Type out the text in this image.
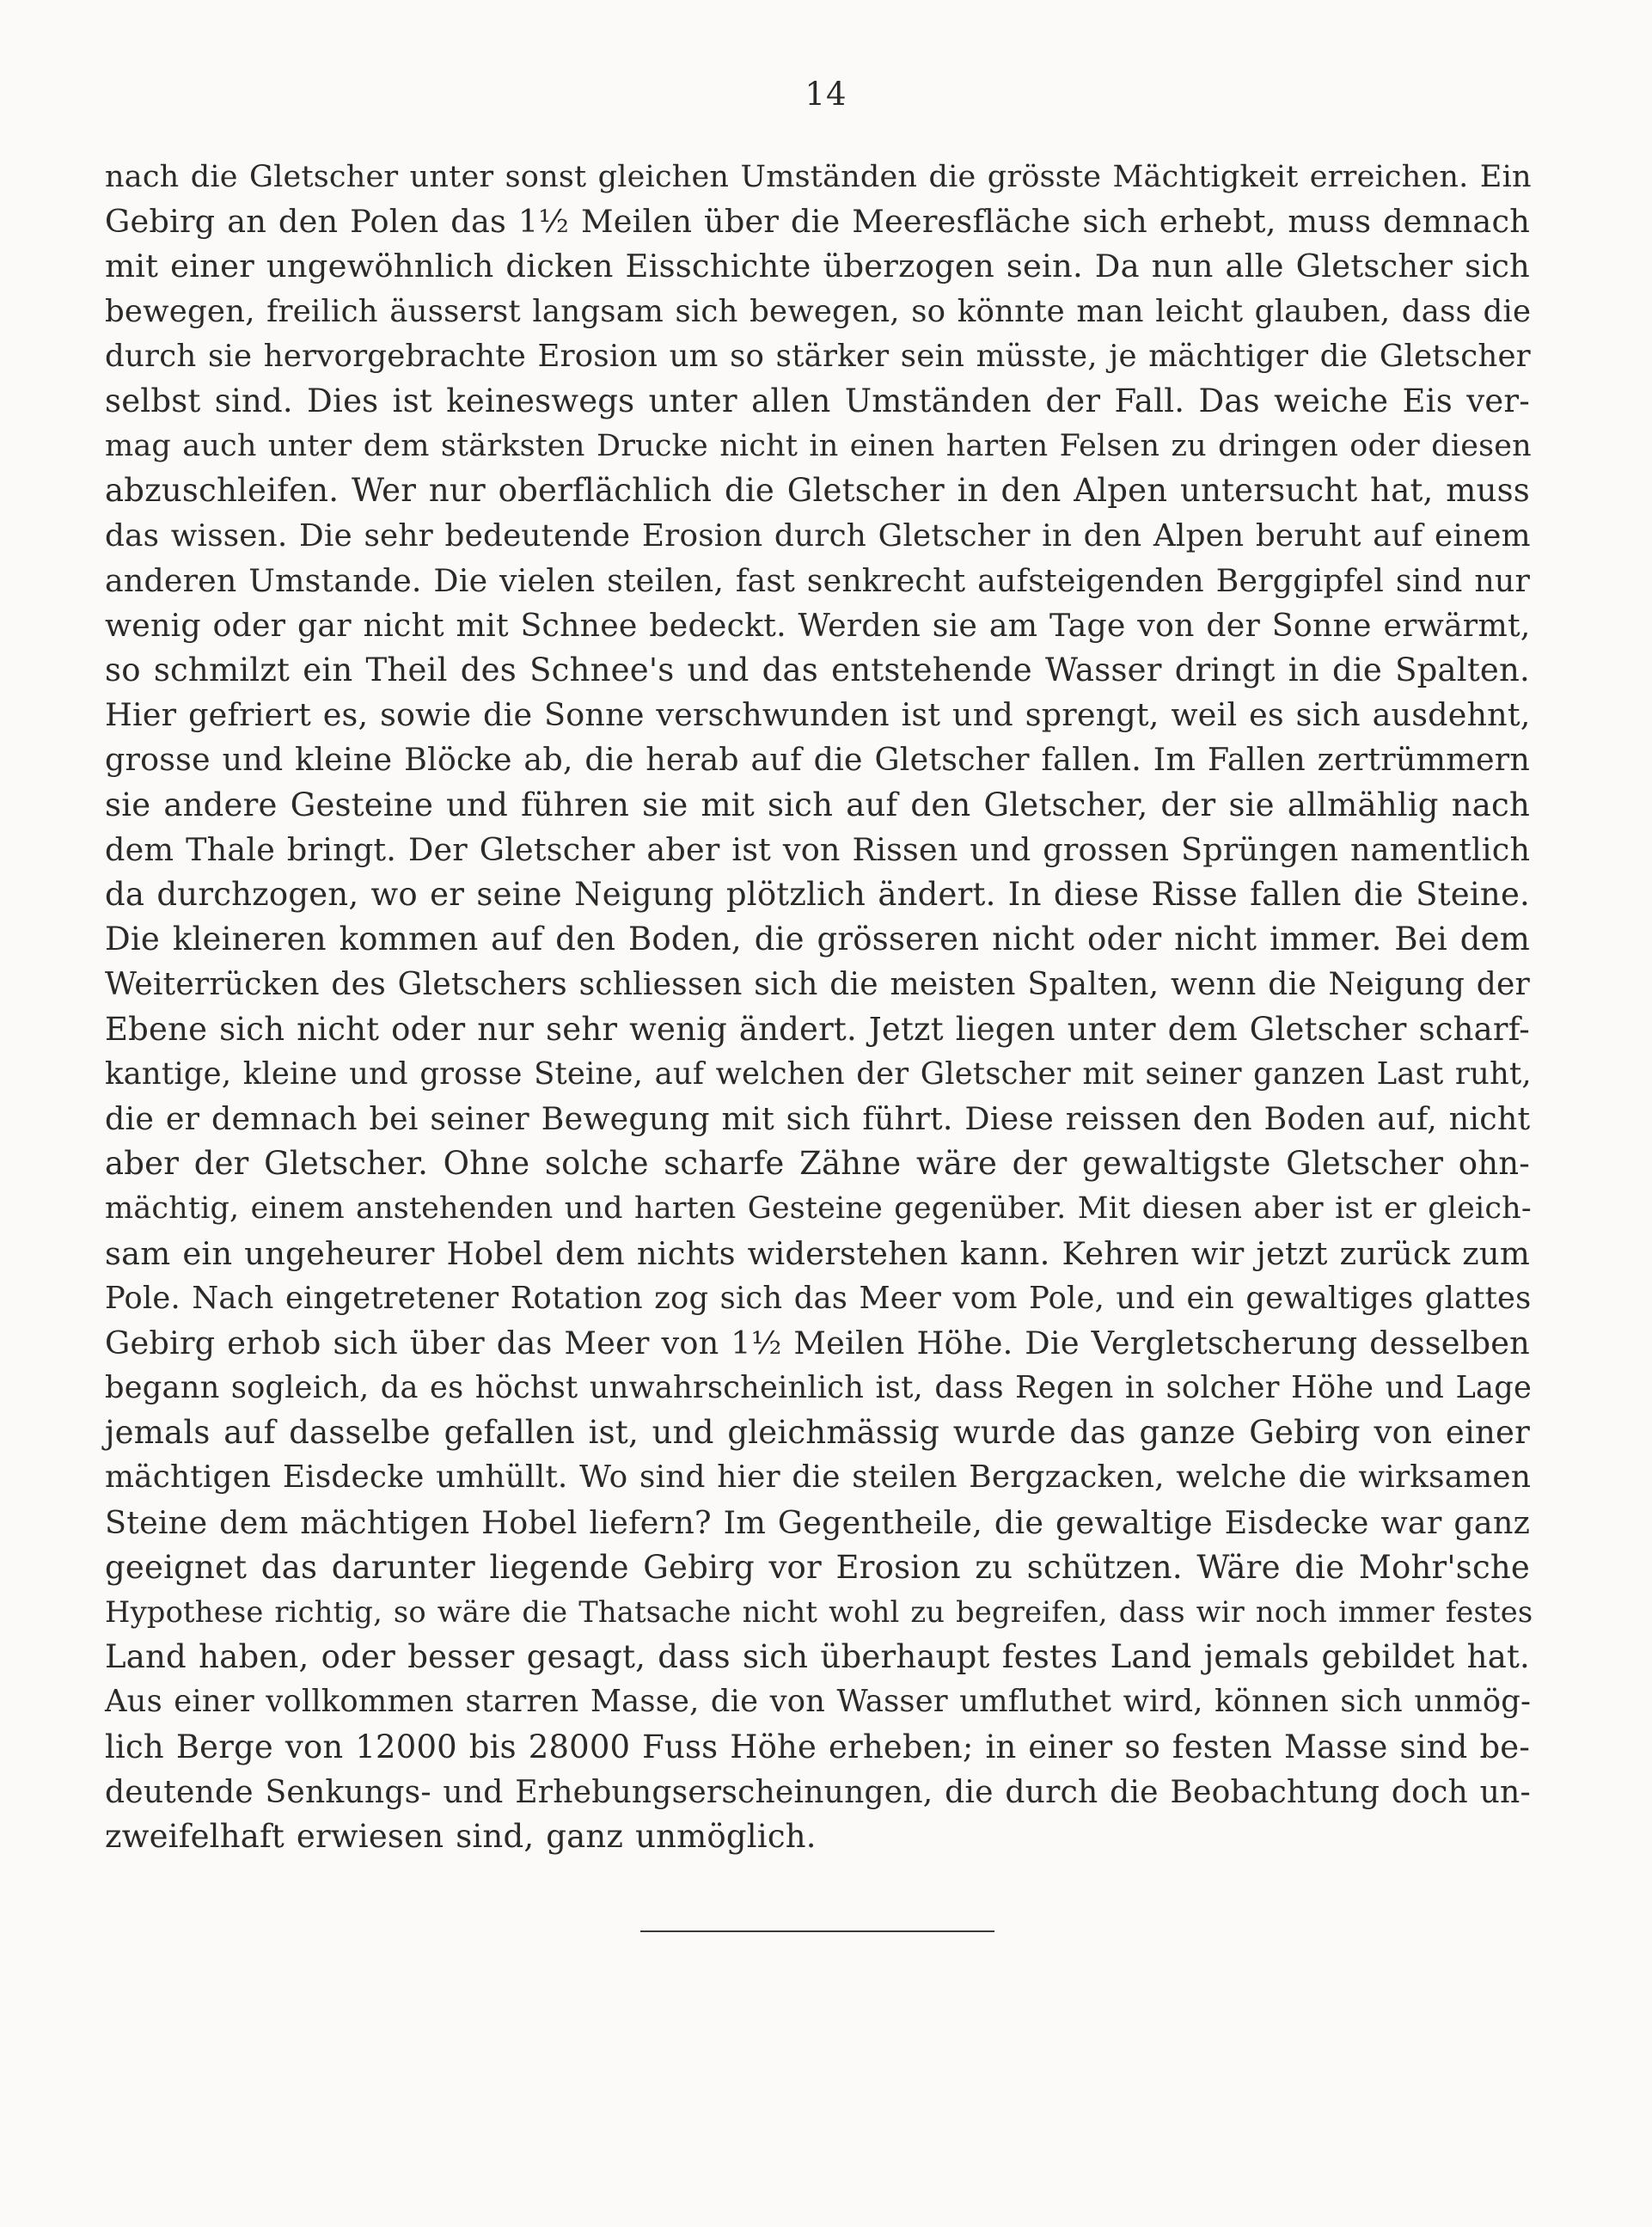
14
nach die Gletscher unter sonst gleichen Umständen die grösste Mächtigkeit erreichen. Ein
Gebirg an den Polen das 1½ Meilen über die Meeresfläche sich erhebt, muss demnach
mit einer ungewöhnlich dicken Eisschichte überzogen sein. Da nun alle Gletscher sich
bewegen, freilich äusserst langsam sich bewegen, so könnte man leicht glauben, dass die
durch sie hervorgebrachte Erosion um so stärker sein müsste, je mächtiger die Gletscher
selbst sind. Dies ist keineswegs unter allen Umständen der Fall. Das weiche Eis ver-
mag auch unter dem stärksten Drucke nicht in einen harten Felsen zu dringen oder diesen
abzuschleifen. Wer nur oberflächlich die Gletscher in den Alpen untersucht hat, muss
das wissen. Die sehr bedeutende Erosion durch Gletscher in den Alpen beruht auf einem
anderen Umstande. Die vielen steilen, fast senkrecht aufsteigenden Berggipfel sind nur
wenig oder gar nicht mit Schnee bedeckt. Werden sie am Tage von der Sonne erwärmt,
so schmilzt ein Theil des Schnee's und das entstehende Wasser dringt in die Spalten.
Hier gefriert es, sowie die Sonne verschwunden ist und sprengt, weil es sich ausdehnt,
grosse und kleine Blöcke ab, die herab auf die Gletscher fallen. Im Fallen zertrümmern
sie andere Gesteine und führen sie mit sich auf den Gletscher, der sie allmählig nach
dem Thale bringt. Der Gletscher aber ist von Rissen und grossen Sprüngen namentlich
da durchzogen, wo er seine Neigung plötzlich ändert. In diese Risse fallen die Steine.
Die kleineren kommen auf den Boden, die grösseren nicht oder nicht immer. Bei dem
Weiterrücken des Gletschers schliessen sich die meisten Spalten, wenn die Neigung der
Ebene sich nicht oder nur sehr wenig ändert. Jetzt liegen unter dem Gletscher scharf-
kantige, kleine und grosse Steine, auf welchen der Gletscher mit seiner ganzen Last ruht,
die er demnach bei seiner Bewegung mit sich führt. Diese reissen den Boden auf, nicht
aber der Gletscher. Ohne solche scharfe Zähne wäre der gewaltigste Gletscher ohn-
mächtig, einem anstehenden und harten Gesteine gegenüber. Mit diesen aber ist er gleich-
sam ein ungeheurer Hobel dem nichts widerstehen kann. Kehren wir jetzt zurück zum
Pole. Nach eingetretener Rotation zog sich das Meer vom Pole, und ein gewaltiges glattes
Gebirg erhob sich über das Meer von 1½ Meilen Höhe. Die Vergletscherung desselben
begann sogleich, da es höchst unwahrscheinlich ist, dass Regen in solcher Höhe und Lage
jemals auf dasselbe gefallen ist, und gleichmässig wurde das ganze Gebirg von einer
mächtigen Eisdecke umhüllt. Wo sind hier die steilen Bergzacken, welche die wirksamen
Steine dem mächtigen Hobel liefern? Im Gegentheile, die gewaltige Eisdecke war ganz
geeignet das darunter liegende Gebirg vor Erosion zu schützen. Wäre die Mohr'sche
Hypothese richtig, so wäre die Thatsache nicht wohl zu begreifen, dass wir noch immer festes
Land haben, oder besser gesagt, dass sich überhaupt festes Land jemals gebildet hat.
Aus einer vollkommen starren Masse, die von Wasser umfluthet wird, können sich unmög-
lich Berge von 12000 bis 28000 Fuss Höhe erheben; in einer so festen Masse sind be-
deutende Senkungs- und Erhebungserscheinungen, die durch die Beobachtung doch un-
zweifelhaft erwiesen sind, ganz unmöglich.
